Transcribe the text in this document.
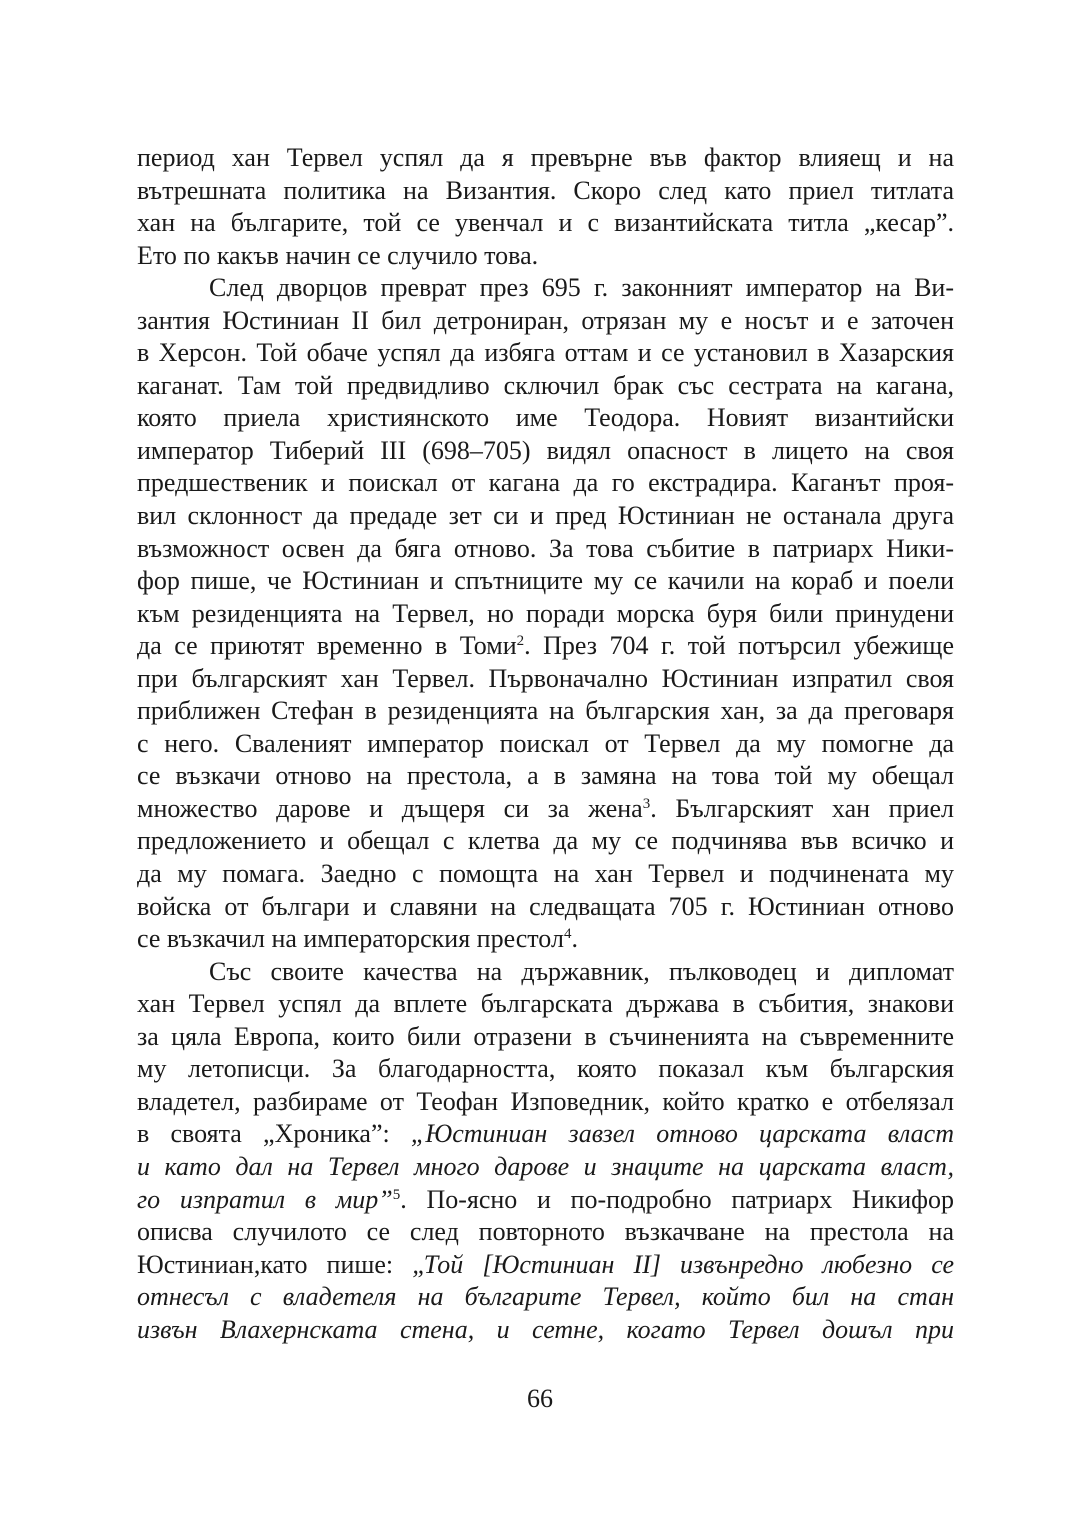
период хан Тервел успял да я превърне във фактор влияещ и на
вътрешната политика на Византия. Скоро след като приел титлата
хан на българите, той се увенчал и с византийската титла „кесар”.
Ето по какъв начин се случило това.
След дворцов преврат през 695 г. законният император на Ви-
зантия Юстиниан II бил детрониран, отрязан му е носът и е заточен
в Херсон. Той обаче успял да избяга оттам и се установил в Хазарския
каганат. Там той предвидливо сключил брак със сестрата на кагана,
която приела християнското име Теодора. Новият византийски
император Тиберий III (698–705) видял опасност в лицето на своя
предшественик и поискал от кагана да го екстрадира. Каганът проя-
вил склонност да предаде зет си и пред Юстиниан не останала друга
възможност освен да бяга отново. За това събитие в патриарх Ники-
фор пише, че Юстиниан и спътниците му се качили на кораб и поели
към резиденцията на Тервел, но поради морска буря били принудени
да се приютят временно в Томи$^2$. През 704 г. той потърсил убежище
при българският хан Тервел. Първоначално Юстиниан изпратил своя
приближен Стефан в резиденцията на българския хан, за да преговаря
с него. Сваленият император поискал от Тервел да му помогне да
се възкачи отново на престола, а в замяна на това той му обещал
множество дарове и дъщеря си за жена$^3$. Българският хан приел
предложението и обещал с клетва да му се подчинява във всичко и
да му помага. Заедно с помощта на хан Тервел и подчинената му
войска от българи и славяни на следващата 705 г. Юстиниан отново
се възкачил на императорския престол$^4$.
Със своите качества на държавник, пълководец и дипломат
хан Тервел успял да вплете българската държава в събития, знакови
за цяла Европа, които били отразени в съчиненията на съвременните
му летописци. За благодарността, която показал към българския
владетел, разбираме от Теофан Изповедник, който кратко е отбелязал
в своята „Хроника”: „Юстиниан завзел отново царската власт
и като дал на Тервел много дарове и знаците на царската власт,
го изпратил в мир”$^5$. По-ясно и по-подробно патриарх Никифор
описва случилото се след повторното възкачване на престола на
Юстиниан,като пише: „Той [Юстиниан II] извънредно любезно се
отнесъл с владетеля на българите Тервел, който бил на стан
извън Влахернската стена, и сетне, когато Тервел дошъл при
66
